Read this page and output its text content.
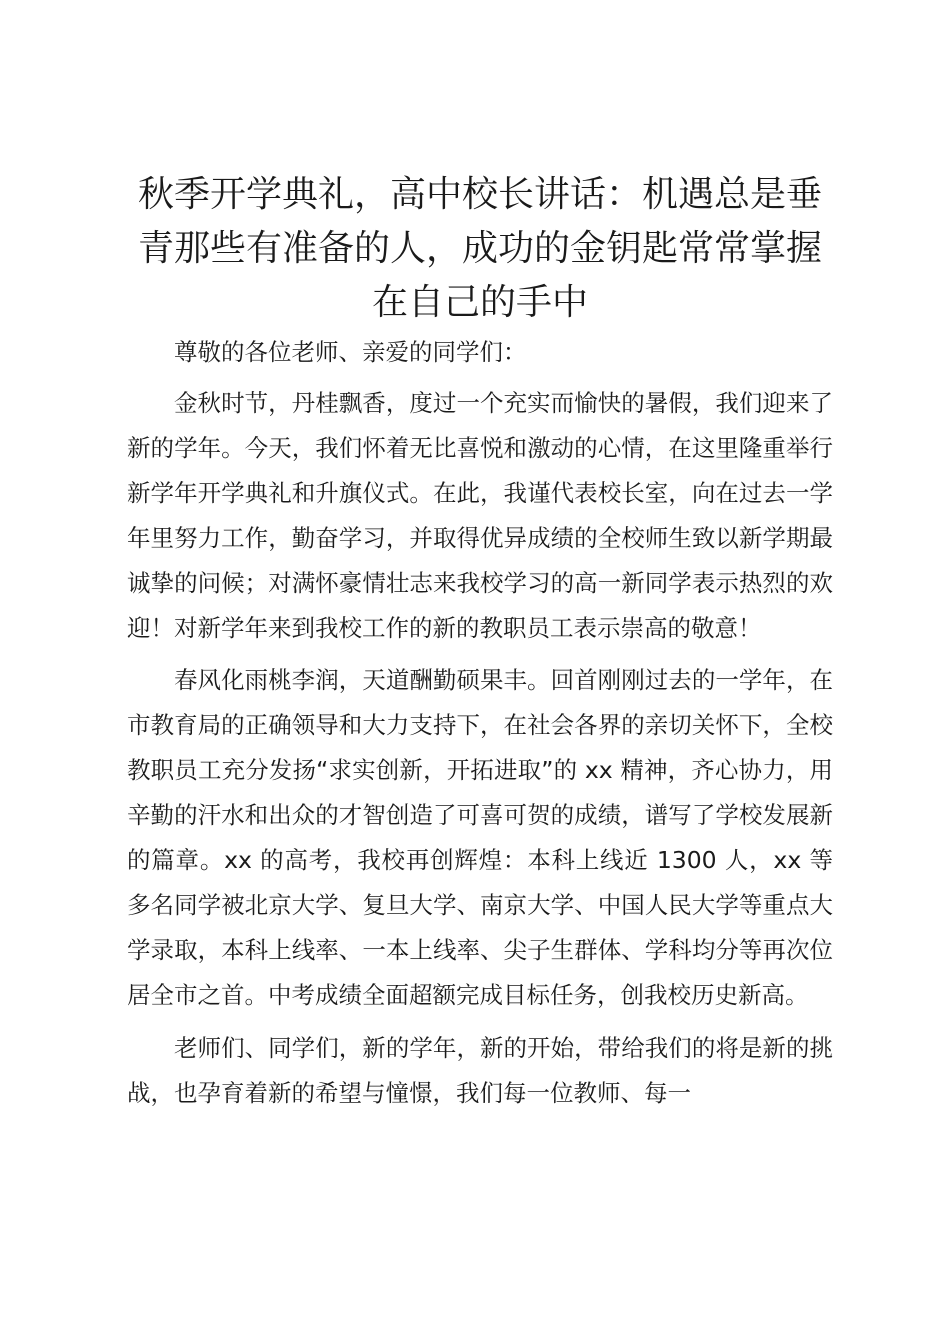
秋季开学典礼，高中校长讲话：机遇总是垂青那些有准备的人，成功的金钥匙常常掌握在自己的手中

尊敬的各位老师、亲爱的同学们：

金秋时节，丹桂飘香，度过一个充实而愉快的暑假，我们迎来了新的学年。今天，我们怀着无比喜悦和激动的心情，在这里隆重举行新学年开学典礼和升旗仪式。在此，我谨代表校长室，向在过去一学年里努力工作，勤奋学习，并取得优异成绩的全校师生致以新学期最诚挚的问候；对满怀豪情壮志来我校学习的高一新同学表示热烈的欢迎！对新学年来到我校工作的新的教职员工表示崇高的敬意！

春风化雨桃李润，天道酬勤硕果丰。回首刚刚过去的一学年，在市教育局的正确领导和大力支持下，在社会各界的亲切关怀下，全校教职员工充分发扬“求实创新，开拓进取”的 xx 精神，齐心协力，用辛勤的汗水和出众的才智创造了可喜可贺的成绩，谱写了学校发展新的篇章。xx 的高考，我校再创辉煌：本科上线近 1300 人，xx 等多名同学被北京大学、复旦大学、南京大学、中国人民大学等重点大学录取，本科上线率、一本上线率、尖子生群体、学科均分等再次位居全市之首。中考成绩全面超额完成目标任务，创我校历史新高。

老师们、同学们，新的学年，新的开始，带给我们的将是新的挑战，也孕育着新的希望与憧憬，我们每一位教师、每一
